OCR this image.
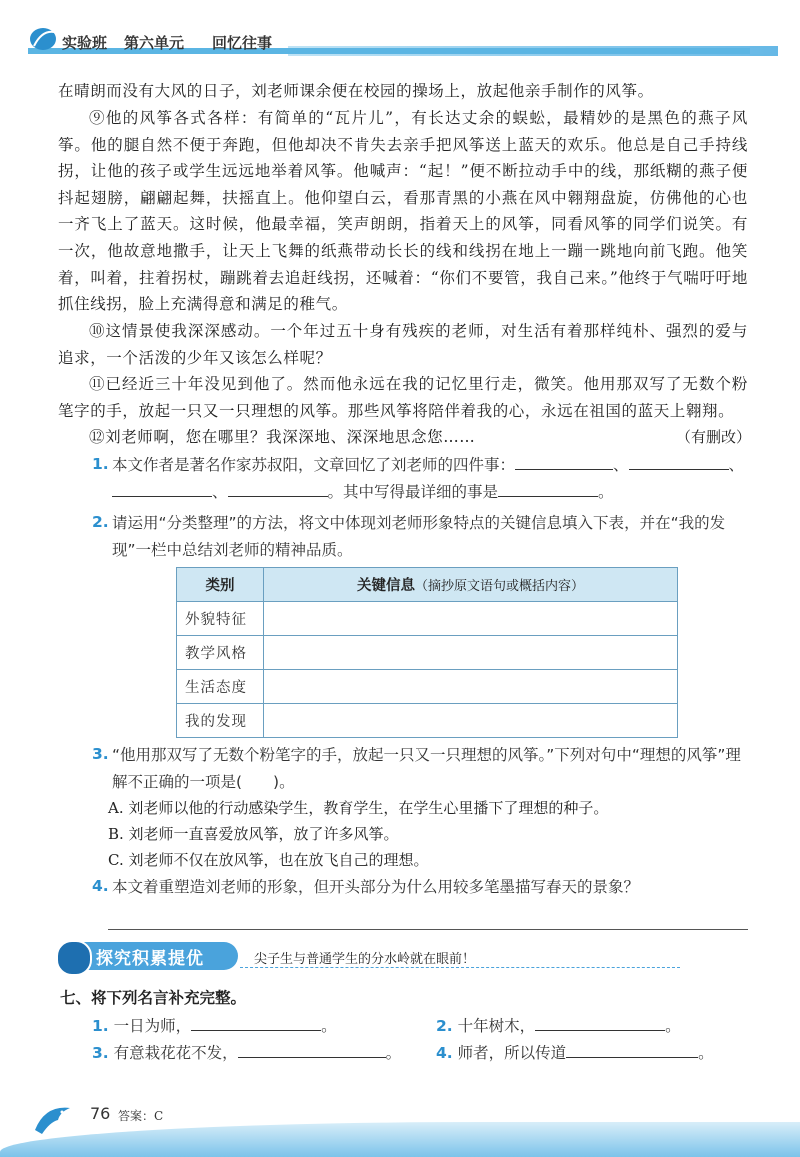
实验班 第六单元 回忆往事
在晴朗而没有大风的日子，刘老师课余便在校园的操场上，放起他亲手制作的风筝。
⑨他的风筝各式各样：有简单的“瓦片儿”，有长达丈余的蜈蚣，最精妙的是黑色的燕子风筝。他的腿自然不便于奔跑，但他却决不肯失去亲手把风筝送上蓝天的欢乐。他总是自己手持线拐，让他的孩子或学生远远地举着风筝。他喊声：“起！”便不断拉动手中的线，那纸糊的燕子便抖起翅膀，翩翩起舞，扶摇直上。他仰望白云，看那青黑的小燕在风中翱翔盘旋，仿佛他的心也一齐飞上了蓝天。这时候，他最幸福，笑声朗朗，指着天上的风筝，同看风筝的同学们说笑。有一次，他故意地撒手，让天上飞舞的纸燕带动长长的线和线拐在地上一蹦一跳地向前飞跑。他笑着，叫着，拄着拐杖，蹦跳着去追赶线拐，还喊着：“你们不要管，我自己来。”他终于气喘吁吁地抓住线拐，脸上充满得意和满足的稚气。
⑩这情景使我深深感动。一个年过五十身有残疾的老师，对生活有着那样纯朴、强烈的爱与追求，一个活泼的少年又该怎么样呢？
⑪已经近三十年没见到他了。然而他永远在我的记忆里行走，微笑。他用那双写了无数个粉笔字的手，放起一只又一只理想的风筝。那些风筝将陪伴着我的心，永远在祖国的蓝天上翱翔。
⑫刘老师啊，您在哪里？我深深地、深深地思念您……	（有删改）
1. 本文作者是著名作家苏叔阳，文章回忆了刘老师的四件事：	、	、
、	。其中写得最详细的事是	。
2. 请运用“分类整理”的方法，将文中体现刘老师形象特点的关键信息填入下表，并在“我的发现”一栏中总结刘老师的精神品质。
类别	关键信息（摘抄原文语句或概括内容）
外貌特征	
教学风格	
生活态度	
我的发现	
3. “他用那双写了无数个粉笔字的手，放起一只又一只理想的风筝。”下列对句中“理想的风筝”理解不正确的一项是(　　)。
A. 刘老师以他的行动感染学生，教育学生，在学生心里播下了理想的种子。
B. 刘老师一直喜爱放风筝，放了许多风筝。
C. 刘老师不仅在放风筝，也在放飞自己的理想。
4. 本文着重塑造刘老师的形象，但开头部分为什么用较多笔墨描写春天的景象？
探究积累提优	尖子生与普通学生的分水岭就在眼前！
七、将下列名言补充完整。
1. 一日为师，	。	2. 十年树木，	。
3. 有意栽花花不发，	。 4. 师者，所以传道	。
76 答案：C
